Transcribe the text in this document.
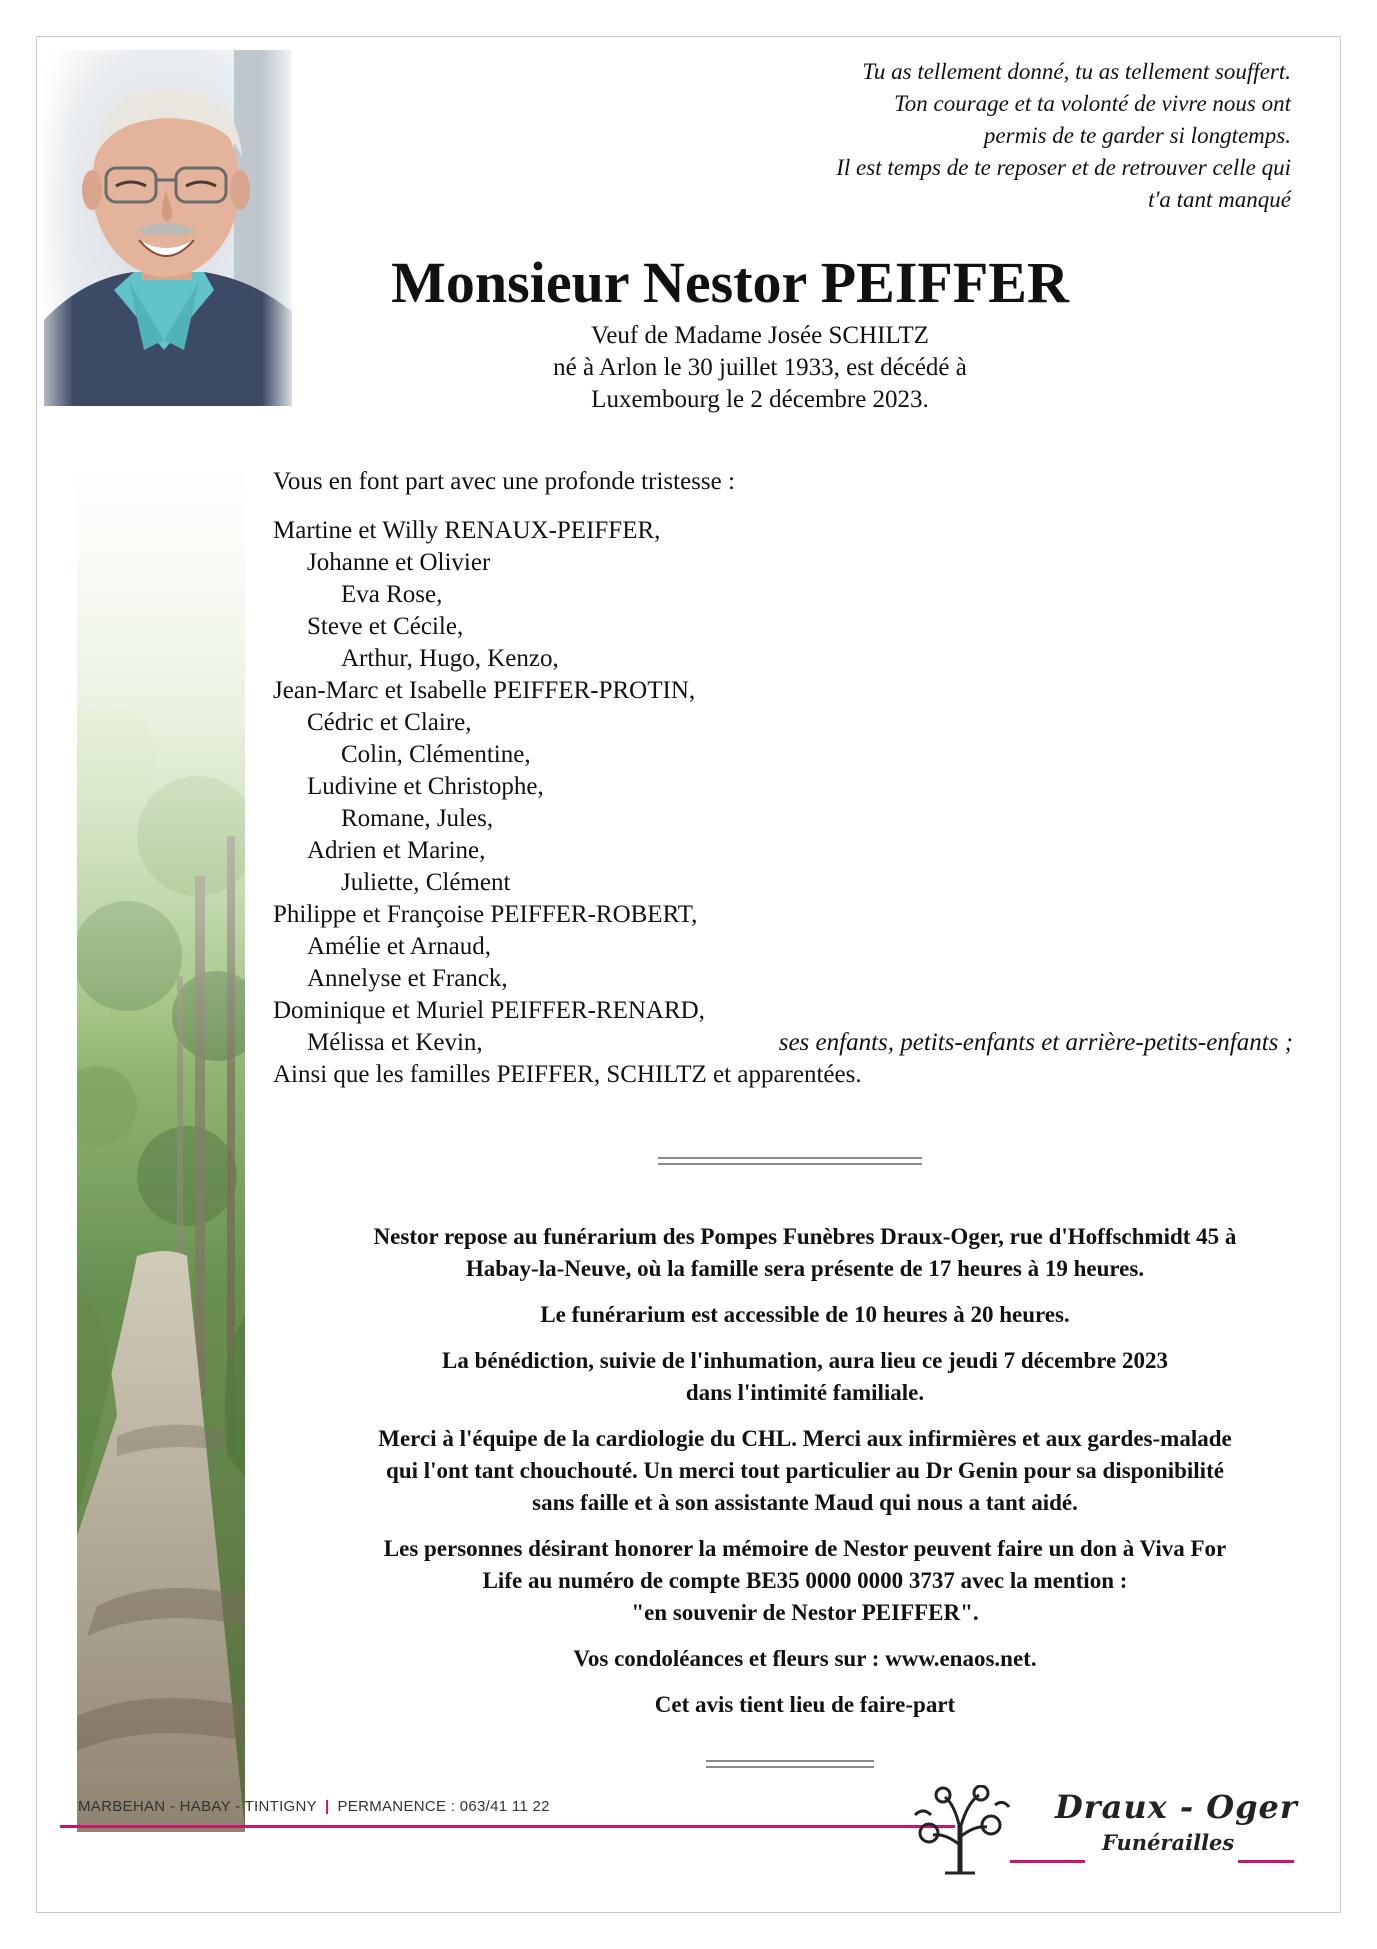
Tu as tellement donné, tu as tellement souffert.
Ton courage et ta volonté de vivre nous ont
permis de te garder si longtemps.
Il est temps de te reposer et de retrouver celle qui
t'a tant manqué
Monsieur Nestor PEIFFER
Veuf de Madame Josée SCHILTZ
né à Arlon le 30 juillet 1933, est décédé à
Luxembourg le 2 décembre 2023.
Vous en font part avec une profonde tristesse :
Martine et Willy RENAUX-PEIFFER,
Johanne et Olivier
Eva Rose,
Steve et Cécile,
Arthur, Hugo, Kenzo,
Jean-Marc et Isabelle PEIFFER-PROTIN,
Cédric et Claire,
Colin, Clémentine,
Ludivine et Christophe,
Romane, Jules,
Adrien et Marine,
Juliette, Clément
Philippe et Françoise PEIFFER-ROBERT,
Amélie et Arnaud,
Annelyse et Franck,
Dominique et Muriel PEIFFER-RENARD,
Mélissa et Kevin,	ses enfants, petits-enfants et arrière-petits-enfants ;
Ainsi que les familles PEIFFER, SCHILTZ et apparentées.
Nestor repose au funérarium des Pompes Funèbres Draux-Oger, rue d'Hoffschmidt 45 à
Habay-la-Neuve, où la famille sera présente de 17 heures à 19 heures.
Le funérarium est accessible de 10 heures à 20 heures.
La bénédiction, suivie de l'inhumation, aura lieu ce jeudi 7 décembre 2023
dans l'intimité familiale.
Merci à l'équipe de la cardiologie du CHL. Merci aux infirmières et aux gardes-malade
qui l'ont tant chouchouté. Un merci tout particulier au Dr Genin pour sa disponibilité
sans faille et à son assistante Maud qui nous a tant aidé.
Les personnes désirant honorer la mémoire de Nestor peuvent faire un don à Viva For
Life au numéro de compte BE35 0000 0000 3737 avec la mention :
"en souvenir de Nestor PEIFFER".
Vos condoléances et fleurs sur : www.enaos.net.
Cet avis tient lieu de faire-part
MARBEHAN - HABAY - TINTIGNY | PERMANENCE : 063/41 11 22	Draux - Oger
Funérailles
